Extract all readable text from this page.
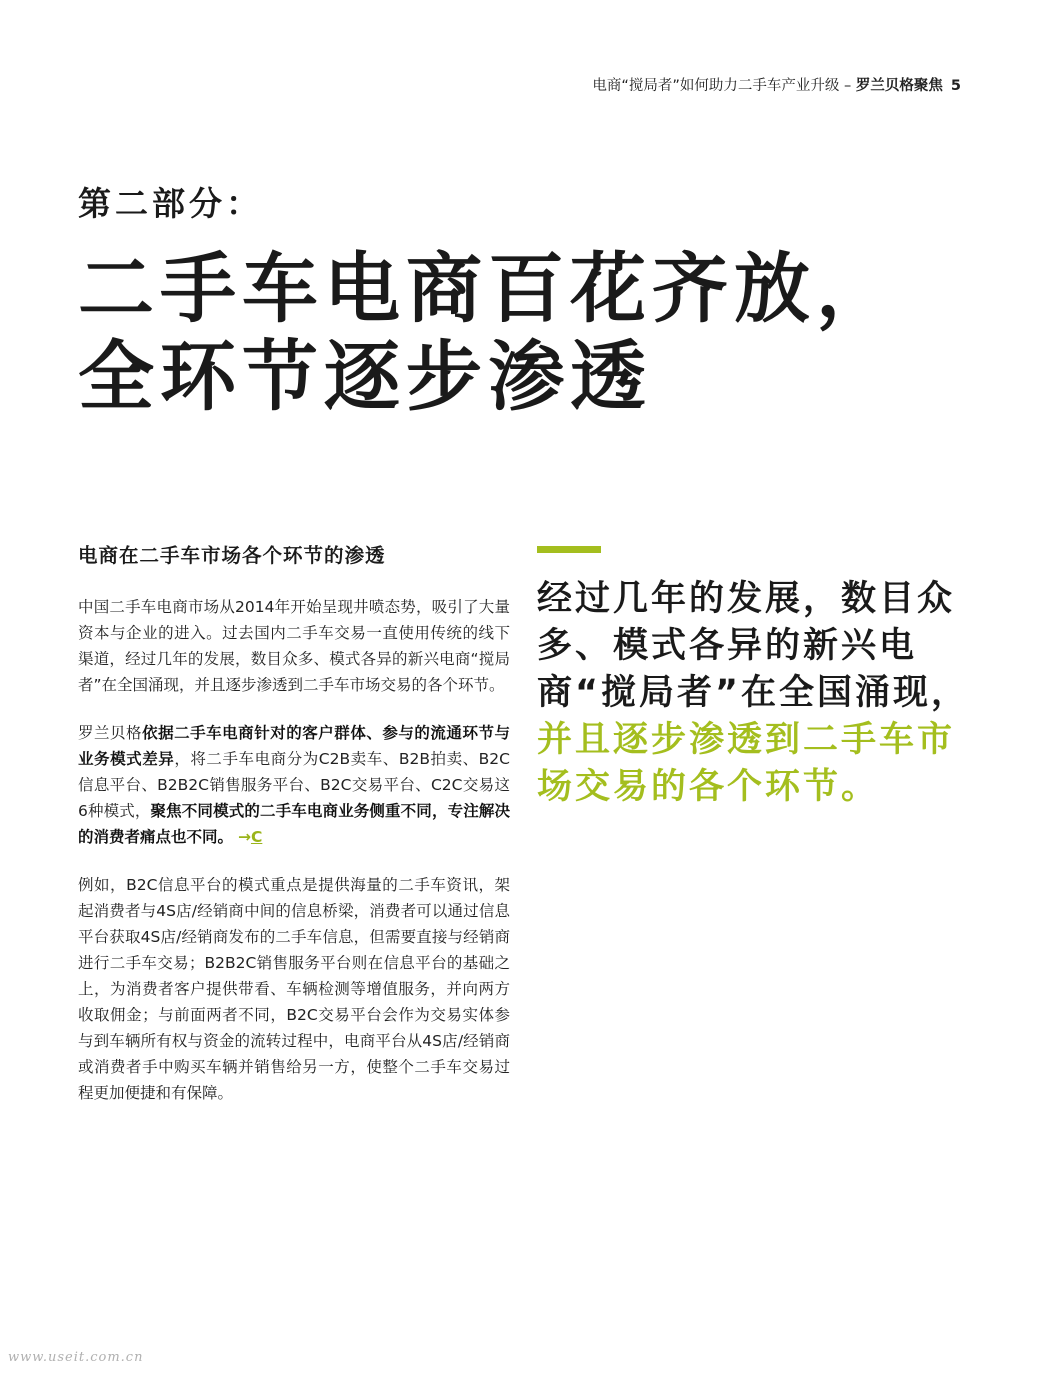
电商“搅局者”如何助力二手车产业升级 – 罗兰贝格聚焦 5
第二部分：
二手车电商百花齐放，
全环节逐步渗透
电商在二手车市场各个环节的渗透

中国二手车电商市场从2014年开始呈现井喷态势，吸引了大量资本与企业的进入。过去国内二手车交易一直使用传统的线下渠道，经过几年的发展，数目众多、模式各异的新兴电商“搅局者”在全国涌现，并且逐步渗透到二手车市场交易的各个环节。

罗兰贝格依据二手车电商针对的客户群体、参与的流通环节与业务模式差异，将二手车电商分为C2B卖车、B2B拍卖、B2C信息平台、B2B2C销售服务平台、B2C交易平台、C2C交易这6种模式，聚焦不同模式的二手车电商业务侧重不同，专注解决的消费者痛点也不同。 →C

例如，B2C信息平台的模式重点是提供海量的二手车资讯，架起消费者与4S店/经销商中间的信息桥梁，消费者可以通过信息平台获取4S店/经销商发布的二手车信息，但需要直接与经销商进行二手车交易；B2B2C销售服务平台则在信息平台的基础之上，为消费者客户提供带看、车辆检测等增值服务，并向两方收取佣金；与前面两者不同，B2C交易平台会作为交易实体参与到车辆所有权与资金的流转过程中，电商平台从4S店/经销商或消费者手中购买车辆并销售给另一方，使整个二手车交易过程更加便捷和有保障。

经过几年的发展，数目众多、模式各异的新兴电商“搅局者”在全国涌现，并且逐步渗透到二手车市场交易的各个环节。

www.useit.com.cn
